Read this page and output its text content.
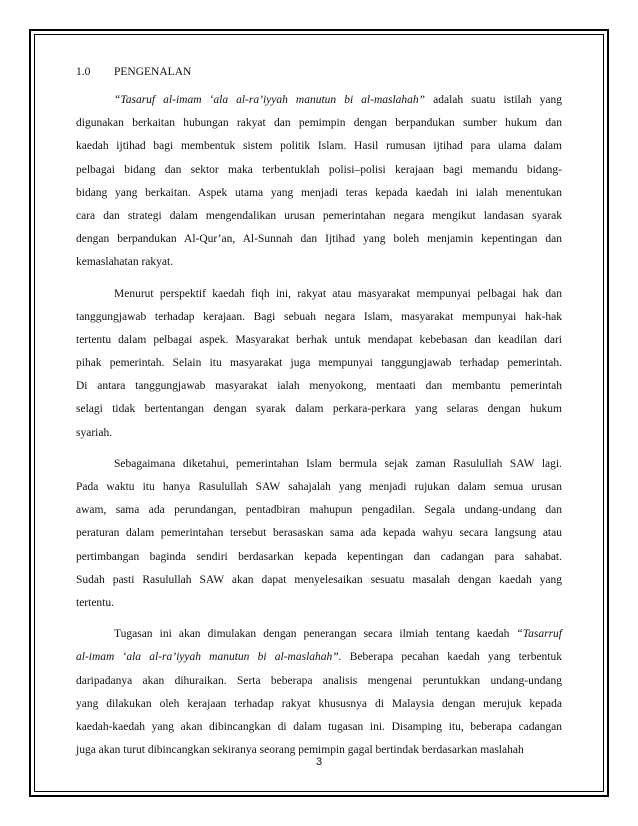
1.0	PENGENALAN
“Tasaruf al-imam ‘ala al-ra’iyyah manutun bi al-maslahah” adalah suatu istilah yang
digunakan berkaitan hubungan rakyat dan pemimpin dengan berpandukan sumber hukum dan
kaedah ijtihad bagi membentuk sistem politik Islam. Hasil rumusan ijtihad para ulama dalam
pelbagai bidang dan sektor maka terbentuklah polisi–polisi kerajaan bagi memandu bidang-
bidang yang berkaitan. Aspek utama yang menjadi teras kepada kaedah ini ialah menentukan
cara dan strategi dalam mengendalikan urusan pemerintahan negara mengikut landasan syarak
dengan berpandukan Al-Qur’an, Al-Sunnah dan Ijtihad yang boleh menjamin kepentingan dan
kemaslahatan rakyat.
Menurut perspektif kaedah fiqh ini, rakyat atau masyarakat mempunyai pelbagai hak dan
tanggungjawab terhadap kerajaan. Bagi sebuah negara Islam, masyarakat mempunyai hak-hak
tertentu dalam pelbagai aspek. Masyarakat berhak untuk mendapat kebebasan dan keadilan dari
pihak pemerintah. Selain itu masyarakat juga mempunyai tanggungjawab terhadap pemerintah.
Di antara tanggungjawab masyarakat ialah menyokong, mentaati dan membantu pemerintah
selagi tidak bertentangan dengan syarak dalam perkara-perkara yang selaras dengan hukum
syariah.
Sebagaimana diketahui, pemerintahan Islam bermula sejak zaman Rasulullah SAW lagi.
Pada waktu itu hanya Rasulullah SAW sahajalah yang menjadi rujukan dalam semua urusan
awam, sama ada perundangan, pentadbiran mahupun pengadilan. Segala undang-undang dan
peraturan dalam pemerintahan tersebut berasaskan sama ada kepada wahyu secara langsung atau
pertimbangan baginda sendiri berdasarkan kepada kepentingan dan cadangan para sahabat.
Sudah pasti Rasulullah SAW akan dapat menyelesaikan sesuatu masalah dengan kaedah yang
tertentu.
Tugasan ini akan dimulakan dengan penerangan secara ilmiah tentang kaedah “Tasarruf
al-imam ‘ala al-ra’iyyah manutun bi al-maslahah”. Beberapa pecahan kaedah yang terbentuk
daripadanya akan dihuraikan. Serta beberapa analisis mengenai peruntukkan undang-undang
yang dilakukan oleh kerajaan terhadap rakyat khususnya di Malaysia dengan merujuk kepada
kaedah-kaedah yang akan dibincangkan di dalam tugasan ini. Disamping itu, beberapa cadangan
juga akan turut dibincangkan sekiranya seorang pemimpin gagal bertindak berdasarkan maslahah
3
